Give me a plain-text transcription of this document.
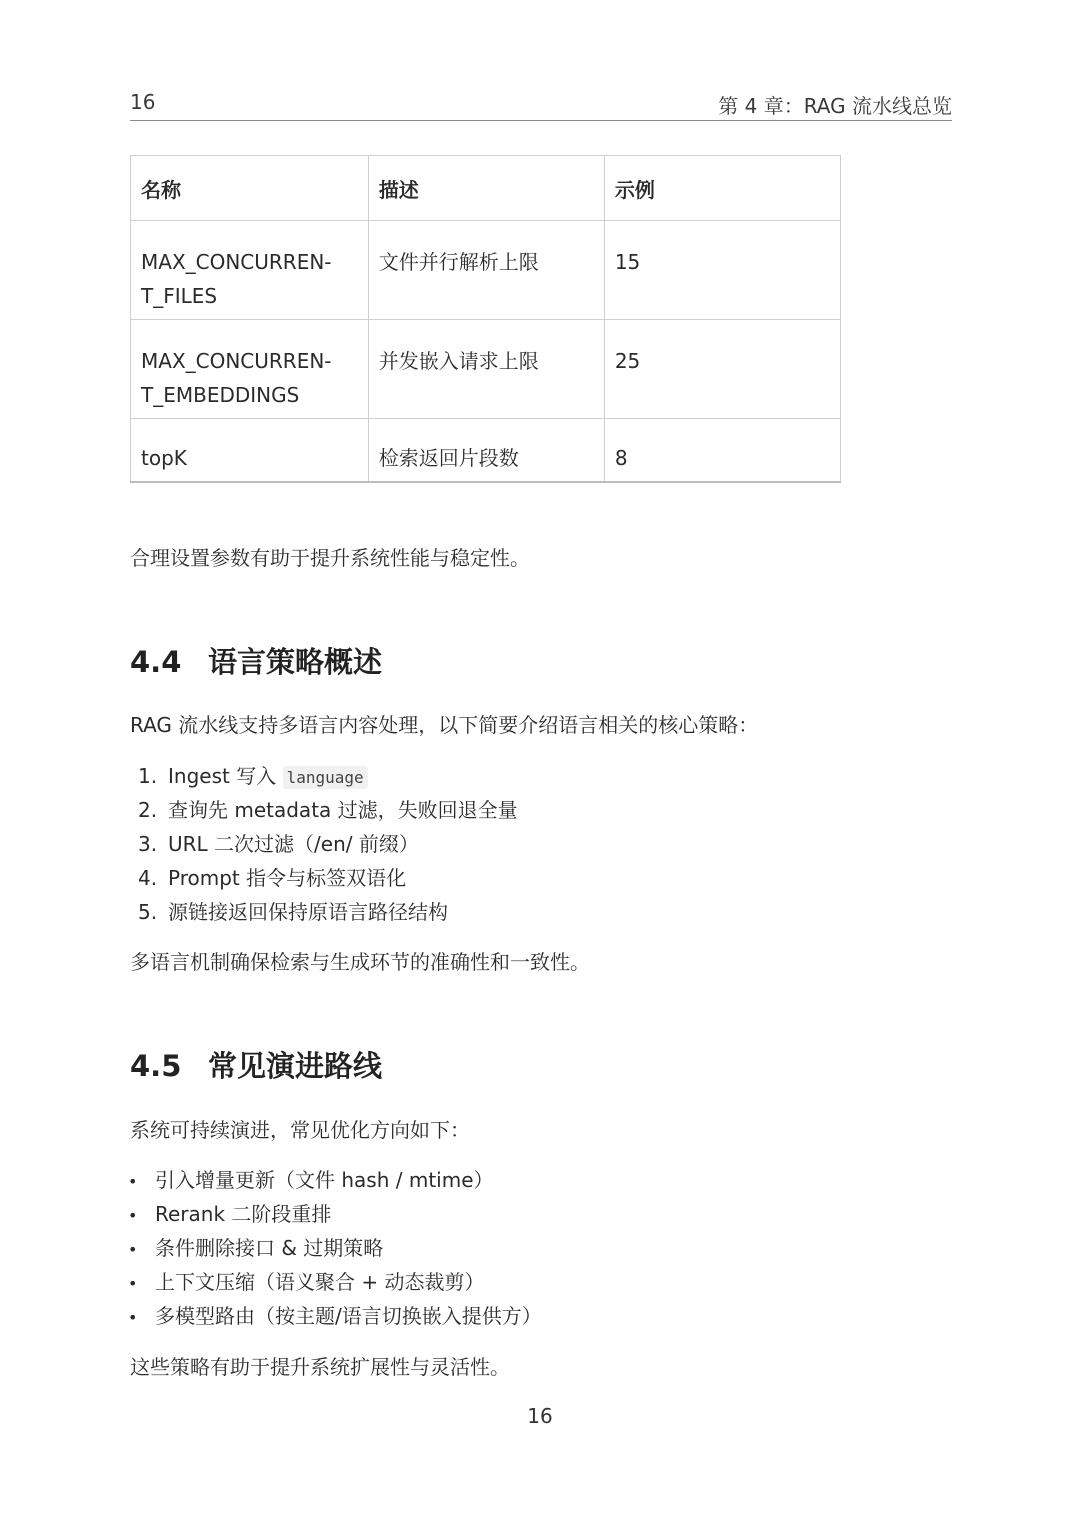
16	第 4 章：RAG 流水线总览
名称	描述	示例

MAX_CONCURREN-
T_FILES	文件并行解析上限	15

MAX_CONCURREN-
T_EMBEDDINGS	并发嵌入请求上限	25
topK	检索返回片段数	8
合理设置参数有助于提升系统性能与稳定性。
4.4 语言策略概述
RAG 流水线支持多语言内容处理，以下简要介绍语言相关的核心策略：
1. Ingest 写入 language
2. 查询先 metadata 过滤，失败回退全量
3. URL 二次过滤（/en/ 前缀）
4. Prompt 指令与标签双语化
5. 源链接返回保持原语言路径结构
多语言机制确保检索与生成环节的准确性和一致性。
4.5 常见演进路线
系统可持续演进，常见优化方向如下：
• 引入增量更新（文件 hash / mtime）
• Rerank 二阶段重排
• 条件删除接口 & 过期策略
• 上下文压缩（语义聚合 + 动态裁剪）
• 多模型路由（按主题/语言切换嵌入提供方）
这些策略有助于提升系统扩展性与灵活性。
16
